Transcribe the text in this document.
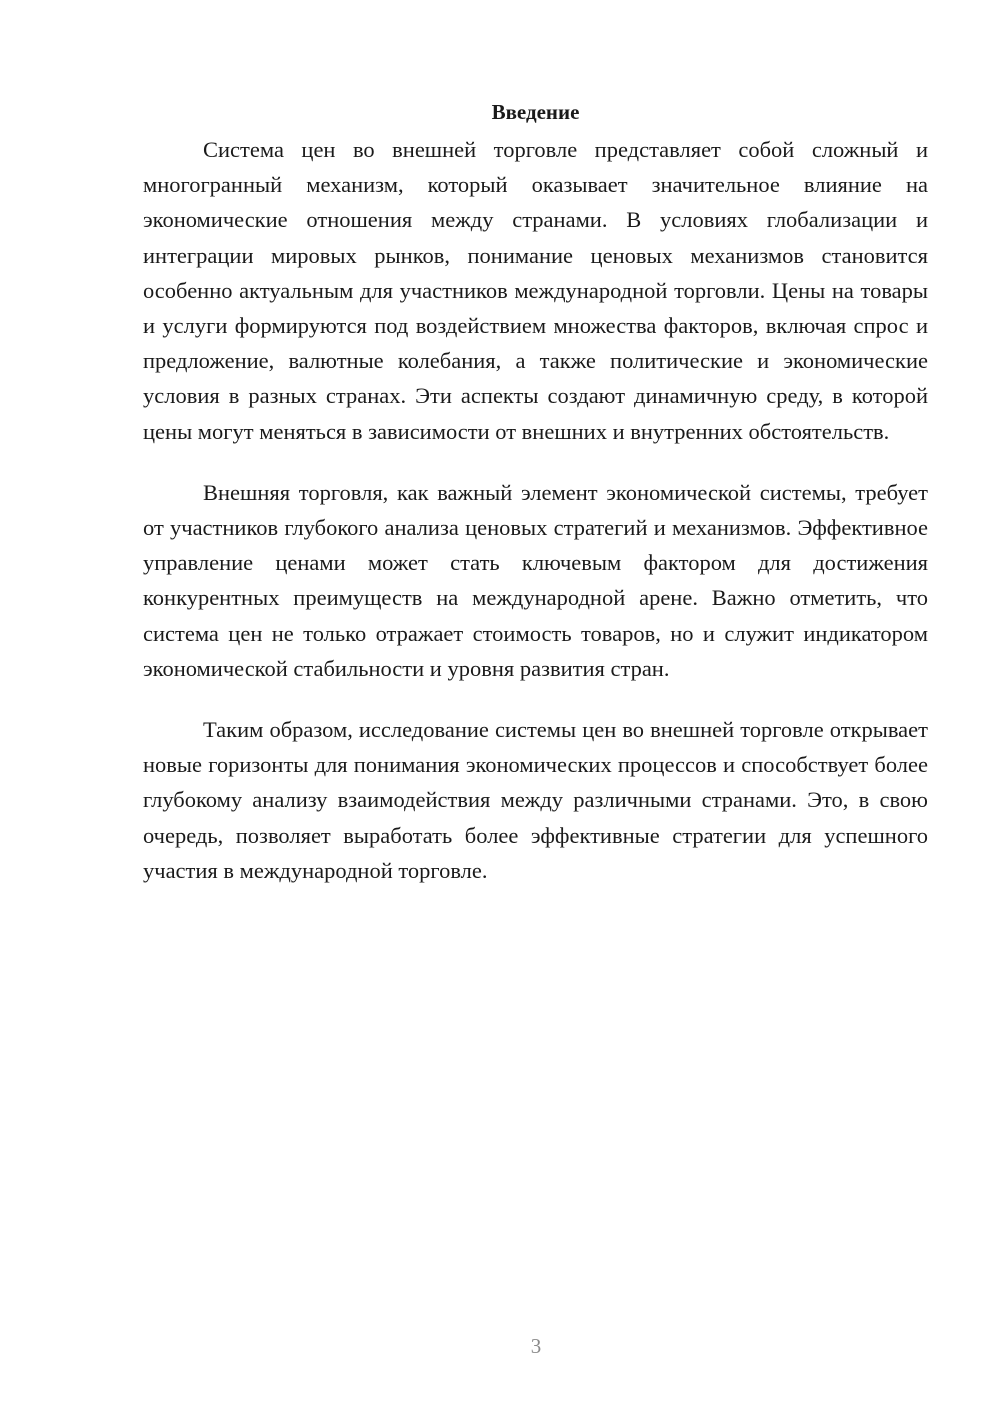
Введение

Система цен во внешней торговле представляет собой сложный и многогранный механизм, который оказывает значительное влияние на экономические отношения между странами. В условиях глобализации и интеграции мировых рынков, понимание ценовых механизмов становится особенно актуальным для участников международной торговли. Цены на товары и услуги формируются под воздействием множества факторов, включая спрос и предложение, валютные колебания, а также политические и экономические условия в разных странах. Эти аспекты создают динамичную среду, в которой цены могут меняться в зависимости от внешних и внутренних обстоятельств.

Внешняя торговля, как важный элемент экономической системы, требует от участников глубокого анализа ценовых стратегий и механизмов. Эффективное управление ценами может стать ключевым фактором для достижения конкурентных преимуществ на международной арене. Важно отметить, что система цен не только отражает стоимость товаров, но и служит индикатором экономической стабильности и уровня развития стран.

Таким образом, исследование системы цен во внешней торговле открывает новые горизонты для понимания экономических процессов и способствует более глубокому анализу взаимодействия между различными странами. Это, в свою очередь, позволяет выработать более эффективные стратегии для успешного участия в международной торговле.

3
